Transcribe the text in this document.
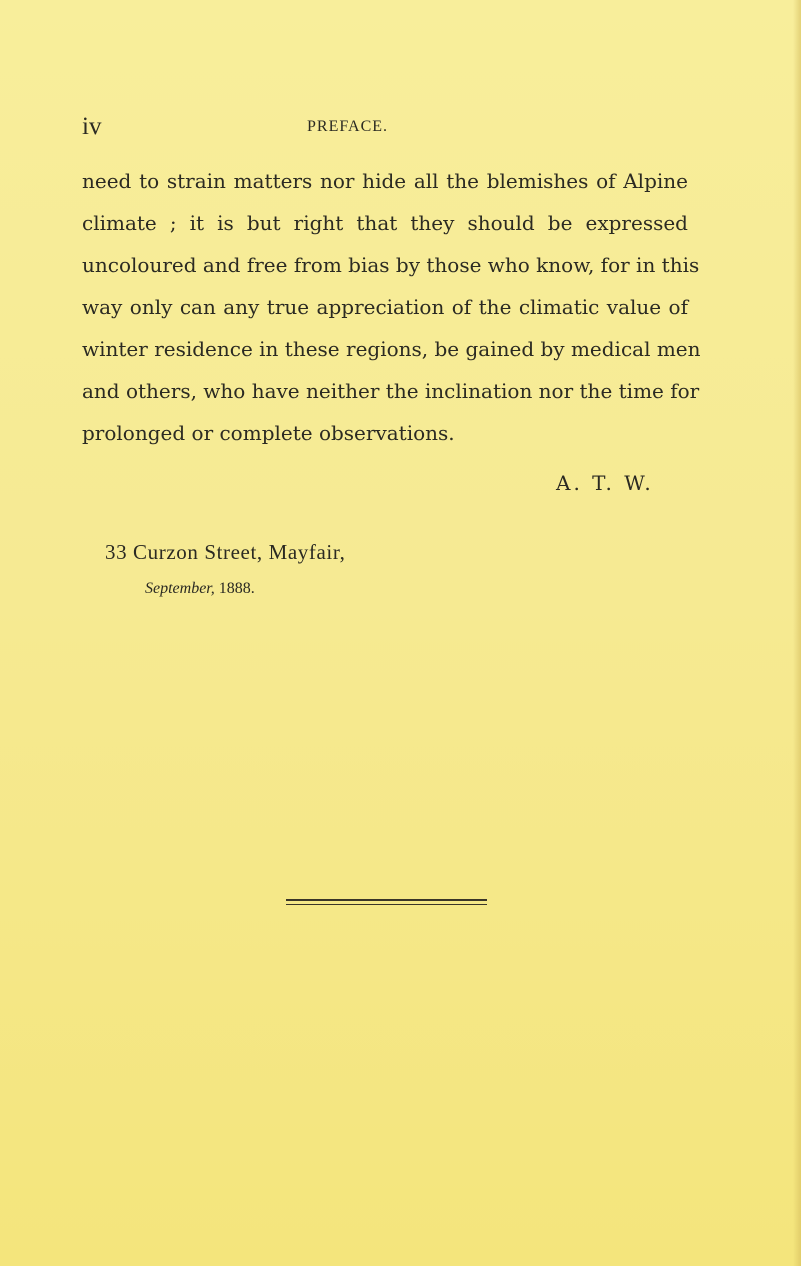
iv	PREFACE.
need to strain matters nor hide all the blemishes of Alpine
climate ; it is but right that they should be expressed
uncoloured and free from bias by those who know, for in this
way only can any true appreciation of the climatic value of
winter residence in these regions, be gained by medical men
and others, who have neither the inclination nor the time for
prolonged or complete observations.
A. T. W.
33 Curzon Street, Mayfair,
September, 1888.
